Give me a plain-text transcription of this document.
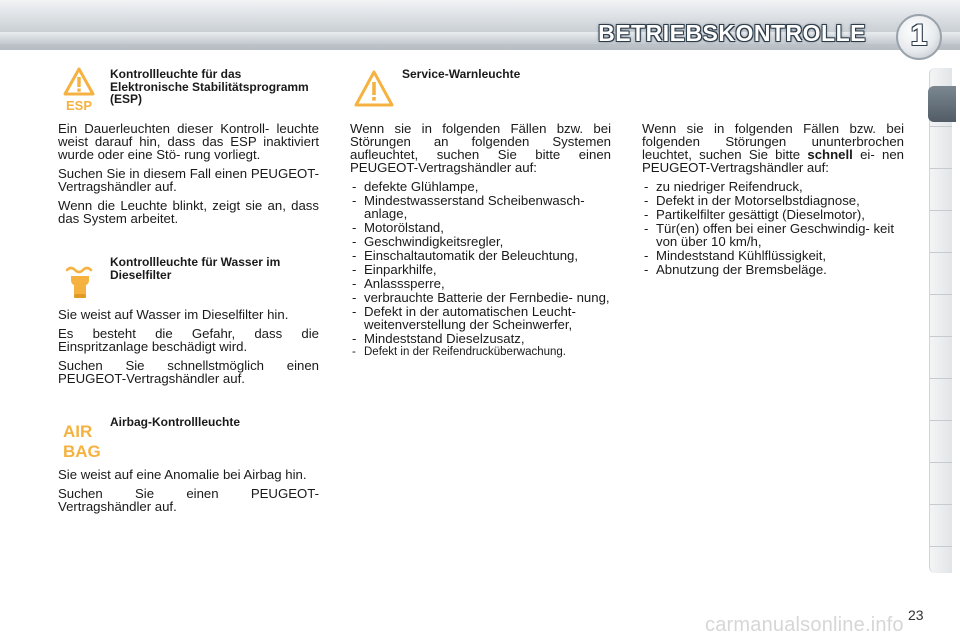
BETRIEBSKONTROLLE	1
ESP
Kontrollleuchte für das Elektronische Stabilitätsprogramm (ESP)

Ein Dauerleuchten dieser Kontroll- leuchte weist darauf hin, dass das ESP inaktiviert wurde oder eine Stö- rung vorliegt.

Suchen Sie in diesem Fall einen PEUGEOT-Vertragshändler auf.

Wenn die Leuchte blinkt, zeigt sie an, dass das System arbeitet.

Kontrollleuchte für Wasser im Dieselfilter

Sie weist auf Wasser im Dieselfilter hin.

Es besteht die Gefahr, dass die Einspritzanlage beschädigt wird.

Suchen Sie schnellstmöglich einen PEUGEOT-Vertragshändler auf.

AIR
BAG
Airbag-Kontrollleuchte

Sie weist auf eine Anomalie bei Airbag hin.

Suchen Sie einen PEUGEOT- Vertragshändler auf.

Service-Warnleuchte

Wenn sie in folgenden Fällen bzw. bei Störungen an folgenden Systemen aufleuchtet, suchen Sie bitte einen PEUGEOT-Vertragshändler auf:

- defekte Glühlampe,
- Mindestwasserstand Scheibenwasch- anlage,
- Motorölstand,
- Geschwindigkeitsregler,
- Einschaltautomatik der Beleuchtung,
- Einparkhilfe,
- Anlasssperre,
- verbrauchte Batterie der Fernbedie- nung,
- Defekt in der automatischen Leucht- weitenverstellung der Scheinwerfer,
- Mindeststand Dieselzusatz,
- Defekt in der Reifendrucküberwachung.

Wenn sie in folgenden Fällen bzw. bei folgenden Störungen ununterbrochen leuchtet, suchen Sie bitte schnell ei- nen PEUGEOT-Vertragshändler auf:

- zu niedriger Reifendruck,
- Defekt in der Motorselbstdiagnose,
- Partikelfilter gesättigt (Dieselmotor),
- Tür(en) offen bei einer Geschwindig- keit von über 10 km/h,
- Mindeststand Kühlflüssigkeit,
- Abnutzung der Bremsbeläge.
23
carmanualsonline.info
